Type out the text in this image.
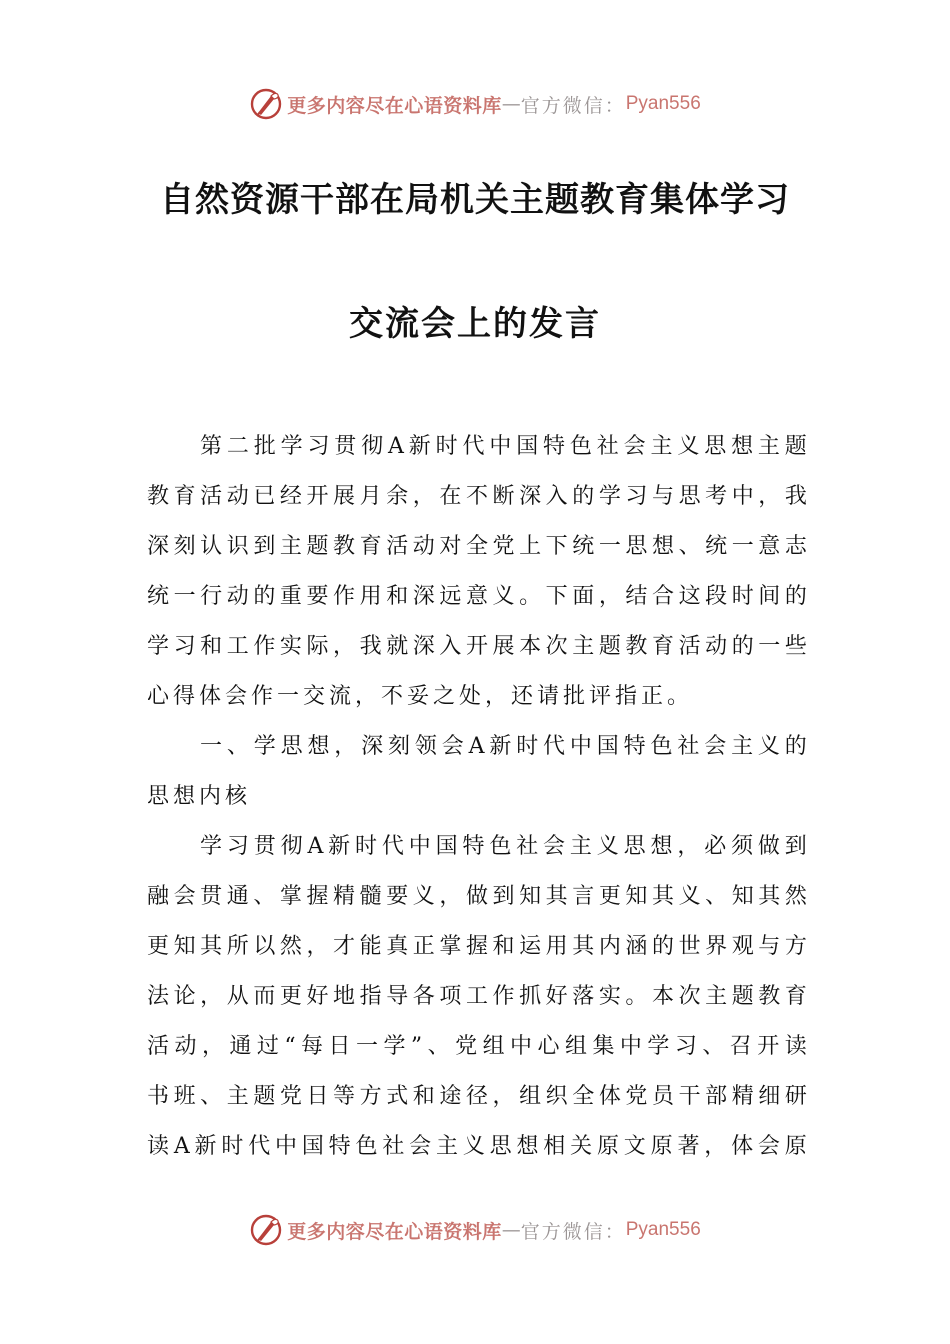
更多内容尽在心语资料库 — 官方微信： Pyan556
自然资源干部在局机关主题教育集体学习
交流会上的发言
第 二 批 学 习 贯 彻 A 新 时 代 中 国 特 色 社 会 主 义 思 想 主 题
教 育 活 动 已 经 开 展 月 余 ， 在 不 断 深 入 的 学 习 与 思 考 中 ， 我
深 刻 认 识 到 主 题 教 育 活 动 对 全 党 上 下 统 一 思 想 、 统 一 意 志
统 一 行 动 的 重 要 作 用 和 深 远 意 义 。 下 面 ， 结 合 这 段 时 间 的
学 习 和 工 作 实 际 ， 我 就 深 入 开 展 本 次 主 题 教 育 活 动 的 一 些
心得体会作一交流，不妥之处，还请批评指正。
一 、 学 思 想 ， 深 刻 领 会 A 新 时 代 中 国 特 色 社 会 主 义 的
思想内核
学 习 贯 彻 A 新 时 代 中 国 特 色 社 会 主 义 思 想 ， 必 须 做 到
融 会 贯 通 、 掌 握 精 髓 要 义 ， 做 到 知 其 言 更 知 其 义 、 知 其 然
更 知 其 所 以 然 ， 才 能 真 正 掌 握 和 运 用 其 内 涵 的 世 界 观 与 方
法 论 ， 从 而 更 好 地 指 导 各 项 工 作 抓 好 落 实 。 本 次 主 题 教 育
活 动 ， 通 过 “ 每 日 一 学 ” 、 党 组 中 心 组 集 中 学 习 、 召 开 读
书 班 、 主 题 党 日 等 方 式 和 途 径 ， 组 织 全 体 党 员 干 部 精 细 研
读 A 新 时 代 中 国 特 色 社 会 主 义 思 想 相 关 原 文 原 著 ， 体 会 原
更多内容尽在心语资料库 — 官方微信： Pyan556
